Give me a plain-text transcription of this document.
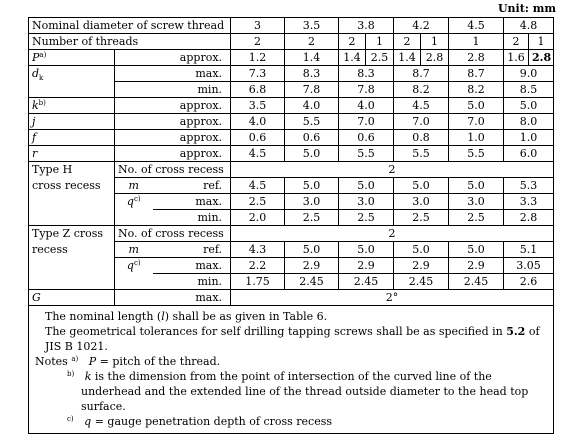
Unit: mm
Nominal diameter of screw thread			3	3.5	3.8		4.2		4.5	4.8	
Number of threads			2	2	2	1	2	1	1	2	1
$P^{a)}$	approx.		1.2	1.4	1.4	2.5	1.4	2.8	2.8	1.6	2.8
$d_k$	max.		7.3	8.3	8.3		8.7		8.7	9.0	
	min.		6.8	7.8	7.8		8.2		8.2	8.5	
$k^{b)}$	approx.		3.5	4.0	4.0		4.5		5.0	5.0	
j	approx.		4.0	5.5	7.0		7.0		7.0	8.0	
f	approx.		0.6	0.6	0.6		0.8		1.0	1.0	
r	approx.		4.5	5.0	5.5		5.5		5.5	6.0	
Type H	No. of cross recess		2								
cross recess	m	ref.	4.5	5.0	5.0		5.0		5.0	5.3	
	$q^{c)}$	max.	2.5	3.0	3.0		3.0		3.0	3.3	
		min.	2.0	2.5	2.5		2.5		2.5	2.8	
Type Z cross	No. of cross recess		2								
recess	m	ref.	4.3	5.0	5.0		5.0		5.0	5.1	
	$q^{c)}$	max.	2.2	2.9	2.9		2.9		2.9	3.05	
		min.	1.75	2.45	2.45		2.45		2.45	2.6	
G	max.		2°								

The nominal length (l) shall be as given in Table 6.

The geometrical tolerances for self drilling tapping screws shall be as specified in 5.2 of JIS B 1021.

Notes $^{a)}$ P = pitch of the thread.

$^{b)}$ k is the dimension from the point of intersection of the curved line of the underhead and the extended line of the thread outside diameter to the head top surface.

$^{c)}$ q = gauge penetration depth of cross recess											
